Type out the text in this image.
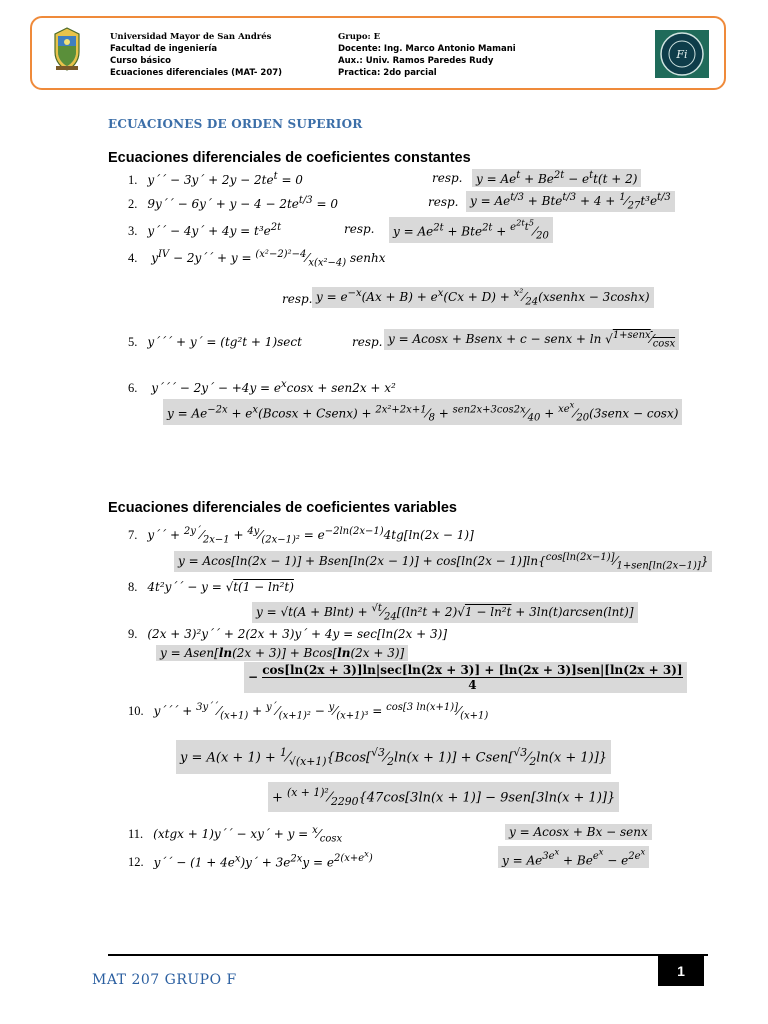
Universidad Mayor de San Andrés
Facultad de ingeniería
Curso básico
Ecuaciones diferenciales (MAT- 207)
Grupo: E
Docente: Ing. Marco Antonio Mamani
Aux.: Univ. Ramos Paredes Rudy
Practica: 2do parcial
Fi
ECUACIONES DE ORDEN SUPERIOR
Ecuaciones diferenciales de coeficientes constantes
1. y´´ − 3y´ + $2y - 2te^t = 0$	resp.	$y = Ae^t + Be^{2t} - e^tt(t + 2)$
2. 9y´´ − 6y´ + $y - 4 - 2te^{t/3} = 0$	resp. $y = Ae^{t/3} + Bte^{t/3} + 4$ + $^1⁄_{27}t^3e^{t/3}$
3. y´´ − 4y´ + $4y = t^3e^{2t}$	resp.	$y = Ae^{2t} + Bte^{2t}$ + $^{e^{2t}t^5}⁄_{20}$
4. $y^{IV}$ − 2y´´ + $y = ^{(x^2-2)^2-4}⁄_{x(x^2-4)}$ senhx
resp. $y = e^{-x}(Ax + B) + e^x(Cx + D)$ + $^{x^2}⁄_{24}(xsenhx - 3\cosh x)$
5. y´´´ + y´ = (tg²t + 1)sect	resp. y = Acosx + Bsenx + c − senx + $\ln √^{1+senx}⁄_{cosx}$
6. y´´´ − 2y´ − $+4y = e^x\cos x + sen2x + x^2$
$y = Ae^{-2x} + e^x(Bcosx$ + Csenx) + $^{2x^2+2x+1}⁄_8$ + $^{sen2x+3cos2x}⁄_{40}$ + $^{xe^x}⁄_{20}(3senx - \cos x)$
Ecuaciones diferenciales de coeficientes variables
7. y´´ + $^{2y´}⁄_{2x-1}$ + $^{4y}⁄_{(2x-1)^2} = e^{-2ln(2x-1)}4tg[\ln(2x - 1)]$
y = Acos[ln(2x − 1)] + Bsen[ln(2x − $1)] + \cos[\ln(2x - 1)]\ln\{^{cos[ln(2x-1)]}⁄_{1+sen[ln(2x-1)]}\}$
8. 4t²y´´ − y = √t(1 − ln²t)
$y = √t(A + Blnt) + ^{√t}⁄_{24}[(\ln^2t + 2)√1 - \ln^2t$ + 3ln(t)arcsen(lnt)]
9. (2x + 3)²y´´ + 2(2x + 3)y´ + 4y = sec[ln(2x + 3)]
y = Asen[ln(2x + 3)] + Bcos[ln(2x + 3)]
− cos[ln(2x + 3)]ln|sec[ln(2x + 3)] + [ln(2x + 3)]sen|[ln(2x + 3)]
4
10. y´´´ + $^{3y´´}⁄_{(x+1)}$ + $^{y´}⁄_{(x+1)^2}$ − $^y⁄_{(x+1)^3}$ = $^{cos[3 ln(x+1)]}⁄_{(x+1)}$
$y = A(x + 1) + ^1⁄_{√(x+1)}\{Bcos[^{√3}⁄_2\ln(x + 1)]$ + $Csen[^{√3}⁄_2\ln(x + 1)]$}
+ $^{(x + 1)^2}⁄_{2290}\{47\cos[3\ln(x + 1)] - 9sen[3\ln(x + 1)]\}$
11. (xtgx + 1)y´´ − xy´ + $y = ^x⁄_{cosx}$	y = Acosx + Bx − senx
12. y´´ − $(1 + 4e^x)y´ + 3e^{2x}y = e^{2(x+e^x)}$	$y = Ae^{3e^x} + Be^{e^x} - e^{2e^x}$
MAT 207 GRUPO F
1
